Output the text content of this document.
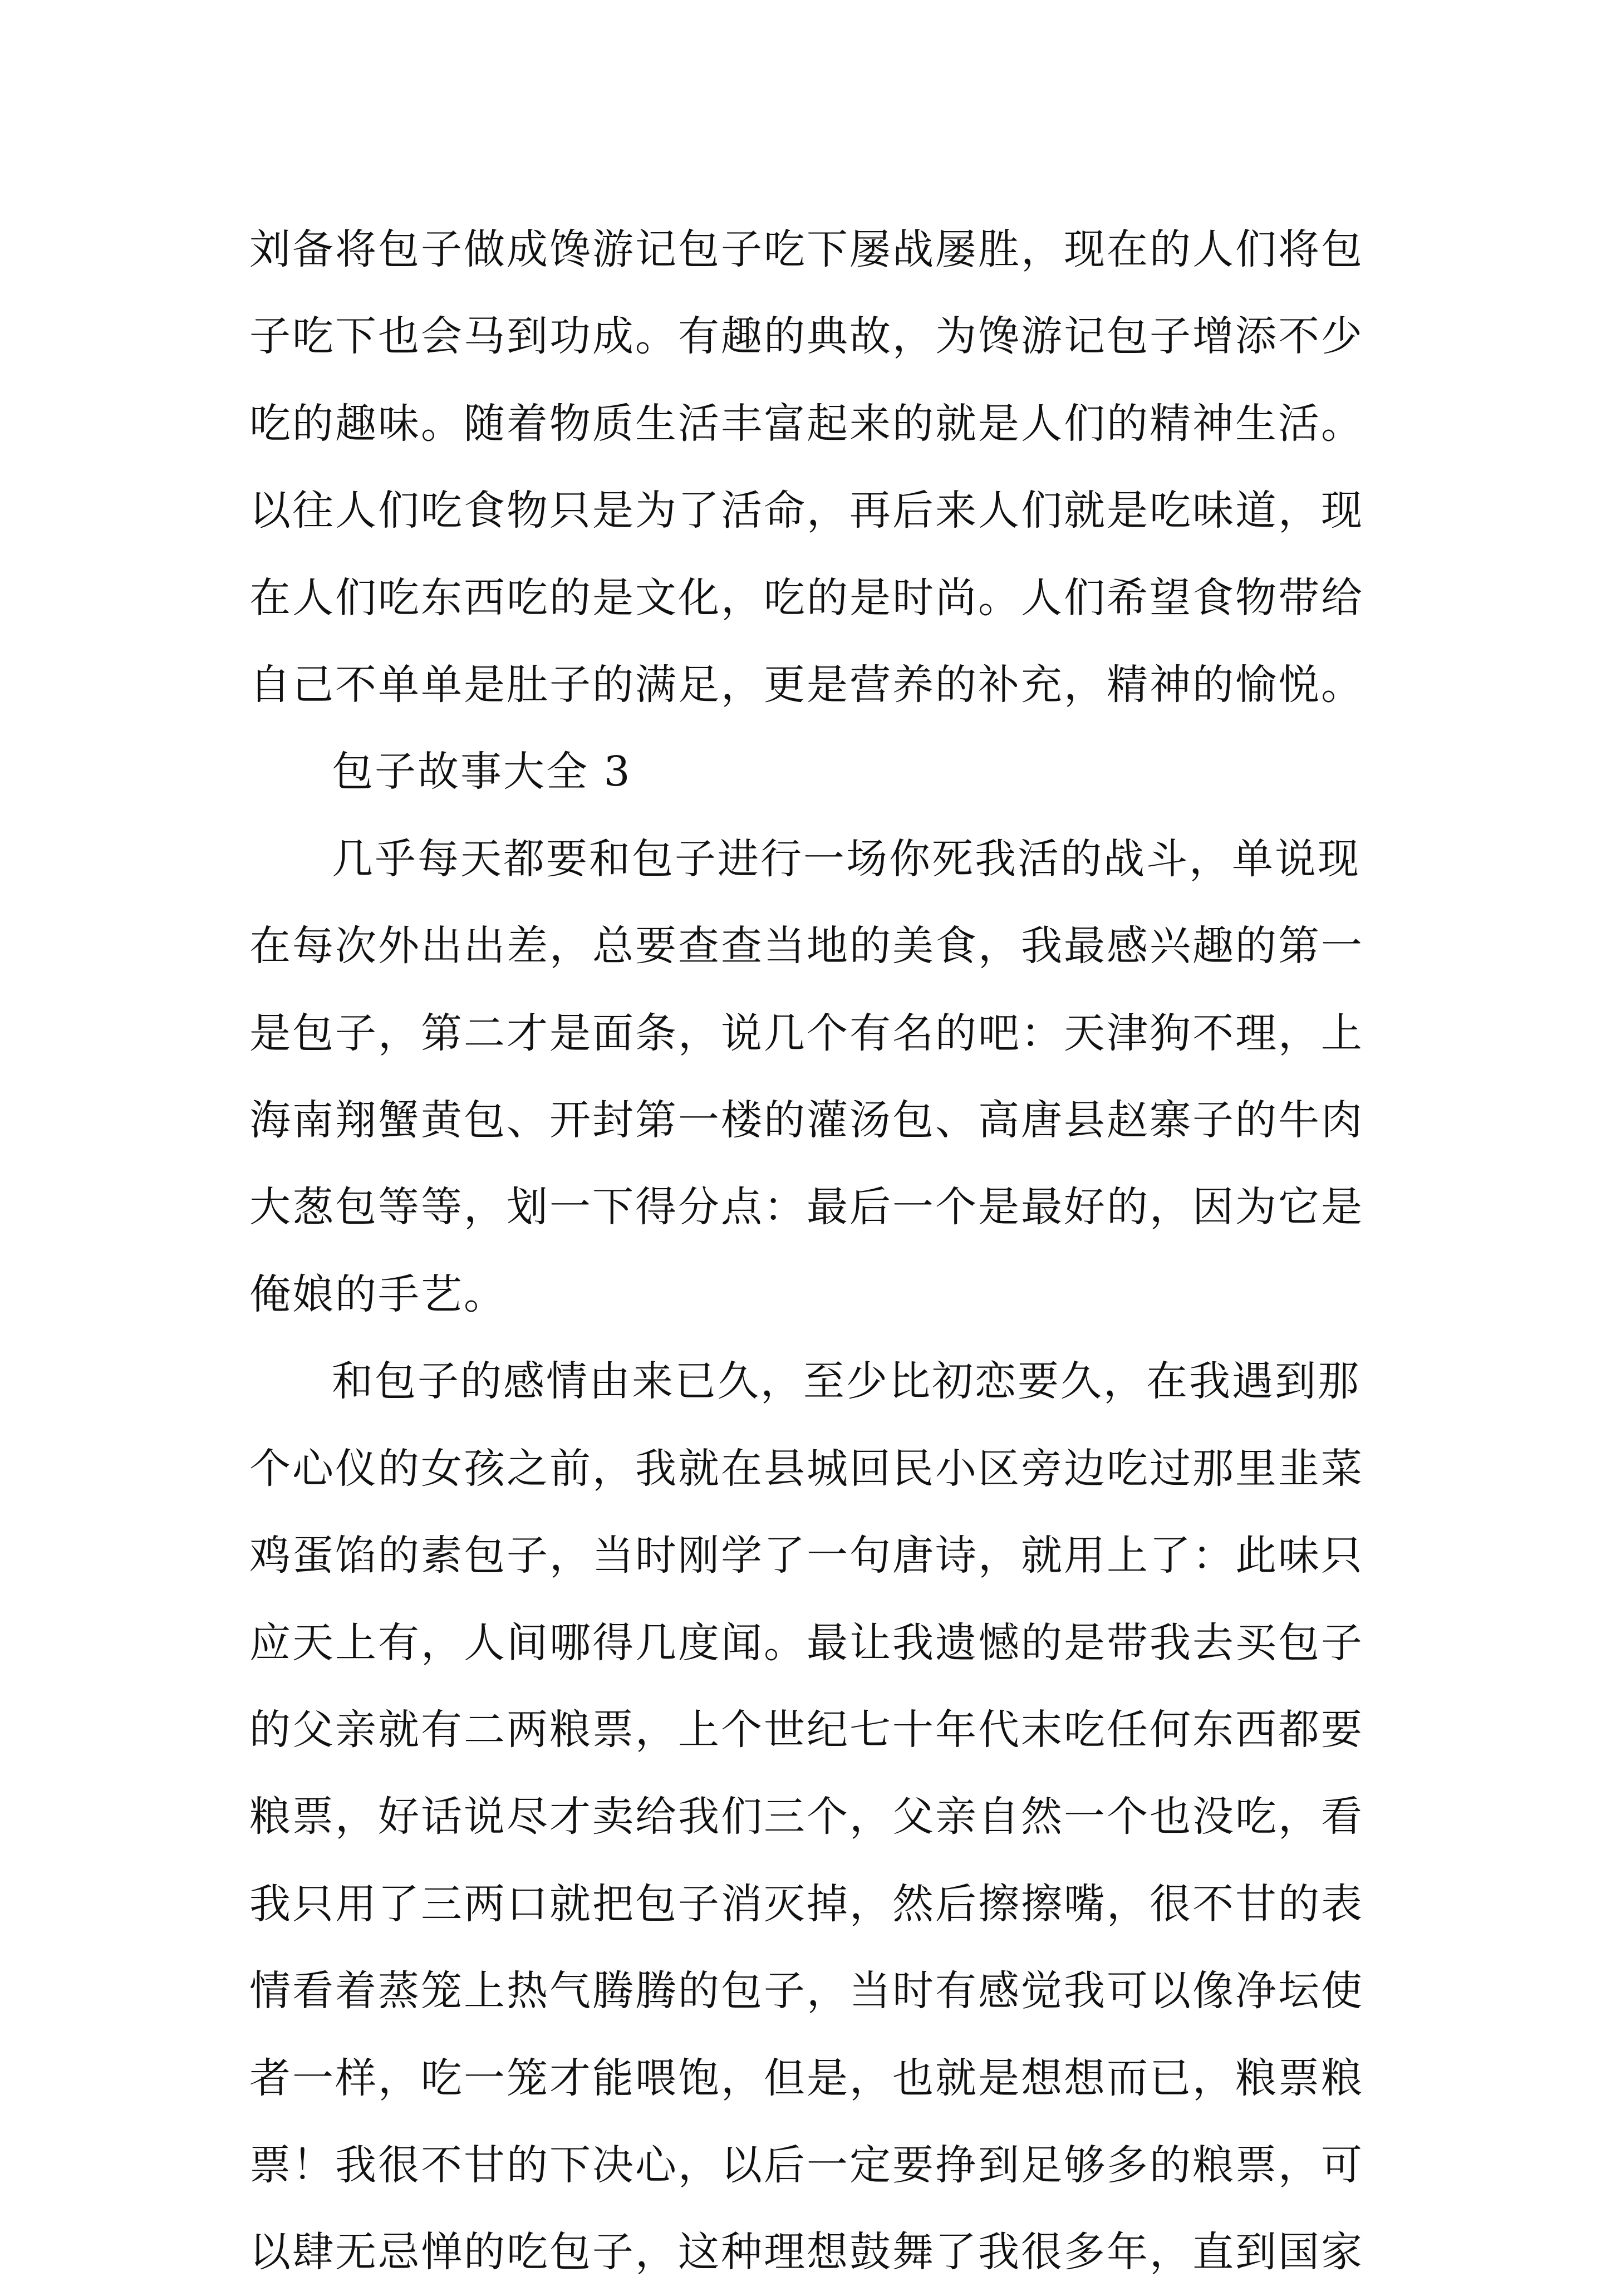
刘备将包子做成馋游记包子吃下屡战屡胜，现在的人们将包子吃下也会马到功成。有趣的典故，为馋游记包子增添不少吃的趣味。随着物质生活丰富起来的就是人们的精神生活。以往人们吃食物只是为了活命，再后来人们就是吃味道，现在人们吃东西吃的是文化，吃的是时尚。人们希望食物带给自己不单单是肚子的满足，更是营养的补充，精神的愉悦。

包子故事大全 3

几乎每天都要和包子进行一场你死我活的战斗，单说现在每次外出出差，总要查查当地的美食，我最感兴趣的第一是包子，第二才是面条，说几个有名的吧：天津狗不理，上海南翔蟹黄包、开封第一楼的灌汤包、高唐县赵寨子的牛肉大葱包等等，划一下得分点：最后一个是最好的，因为它是俺娘的手艺。

和包子的感情由来已久，至少比初恋要久，在我遇到那个心仪的女孩之前，我就在县城回民小区旁边吃过那里韭菜鸡蛋馅的素包子，当时刚学了一句唐诗，就用上了：此味只应天上有，人间哪得几度闻。最让我遗憾的是带我去买包子的父亲就有二两粮票，上个世纪七十年代末吃任何东西都要粮票，好话说尽才卖给我们三个，父亲自然一个也没吃，看我只用了三两口就把包子消灭掉，然后擦擦嘴，很不甘的表情看着蒸笼上热气腾腾的包子，当时有感觉我可以像净坛使者一样，吃一笼才能喂饱，但是，也就是想想而已，粮票粮票！我很不甘的下决心，以后一定要挣到足够多的粮票，可以肆无忌惮的吃包子，这种理想鼓舞了我很多年，直到国家
